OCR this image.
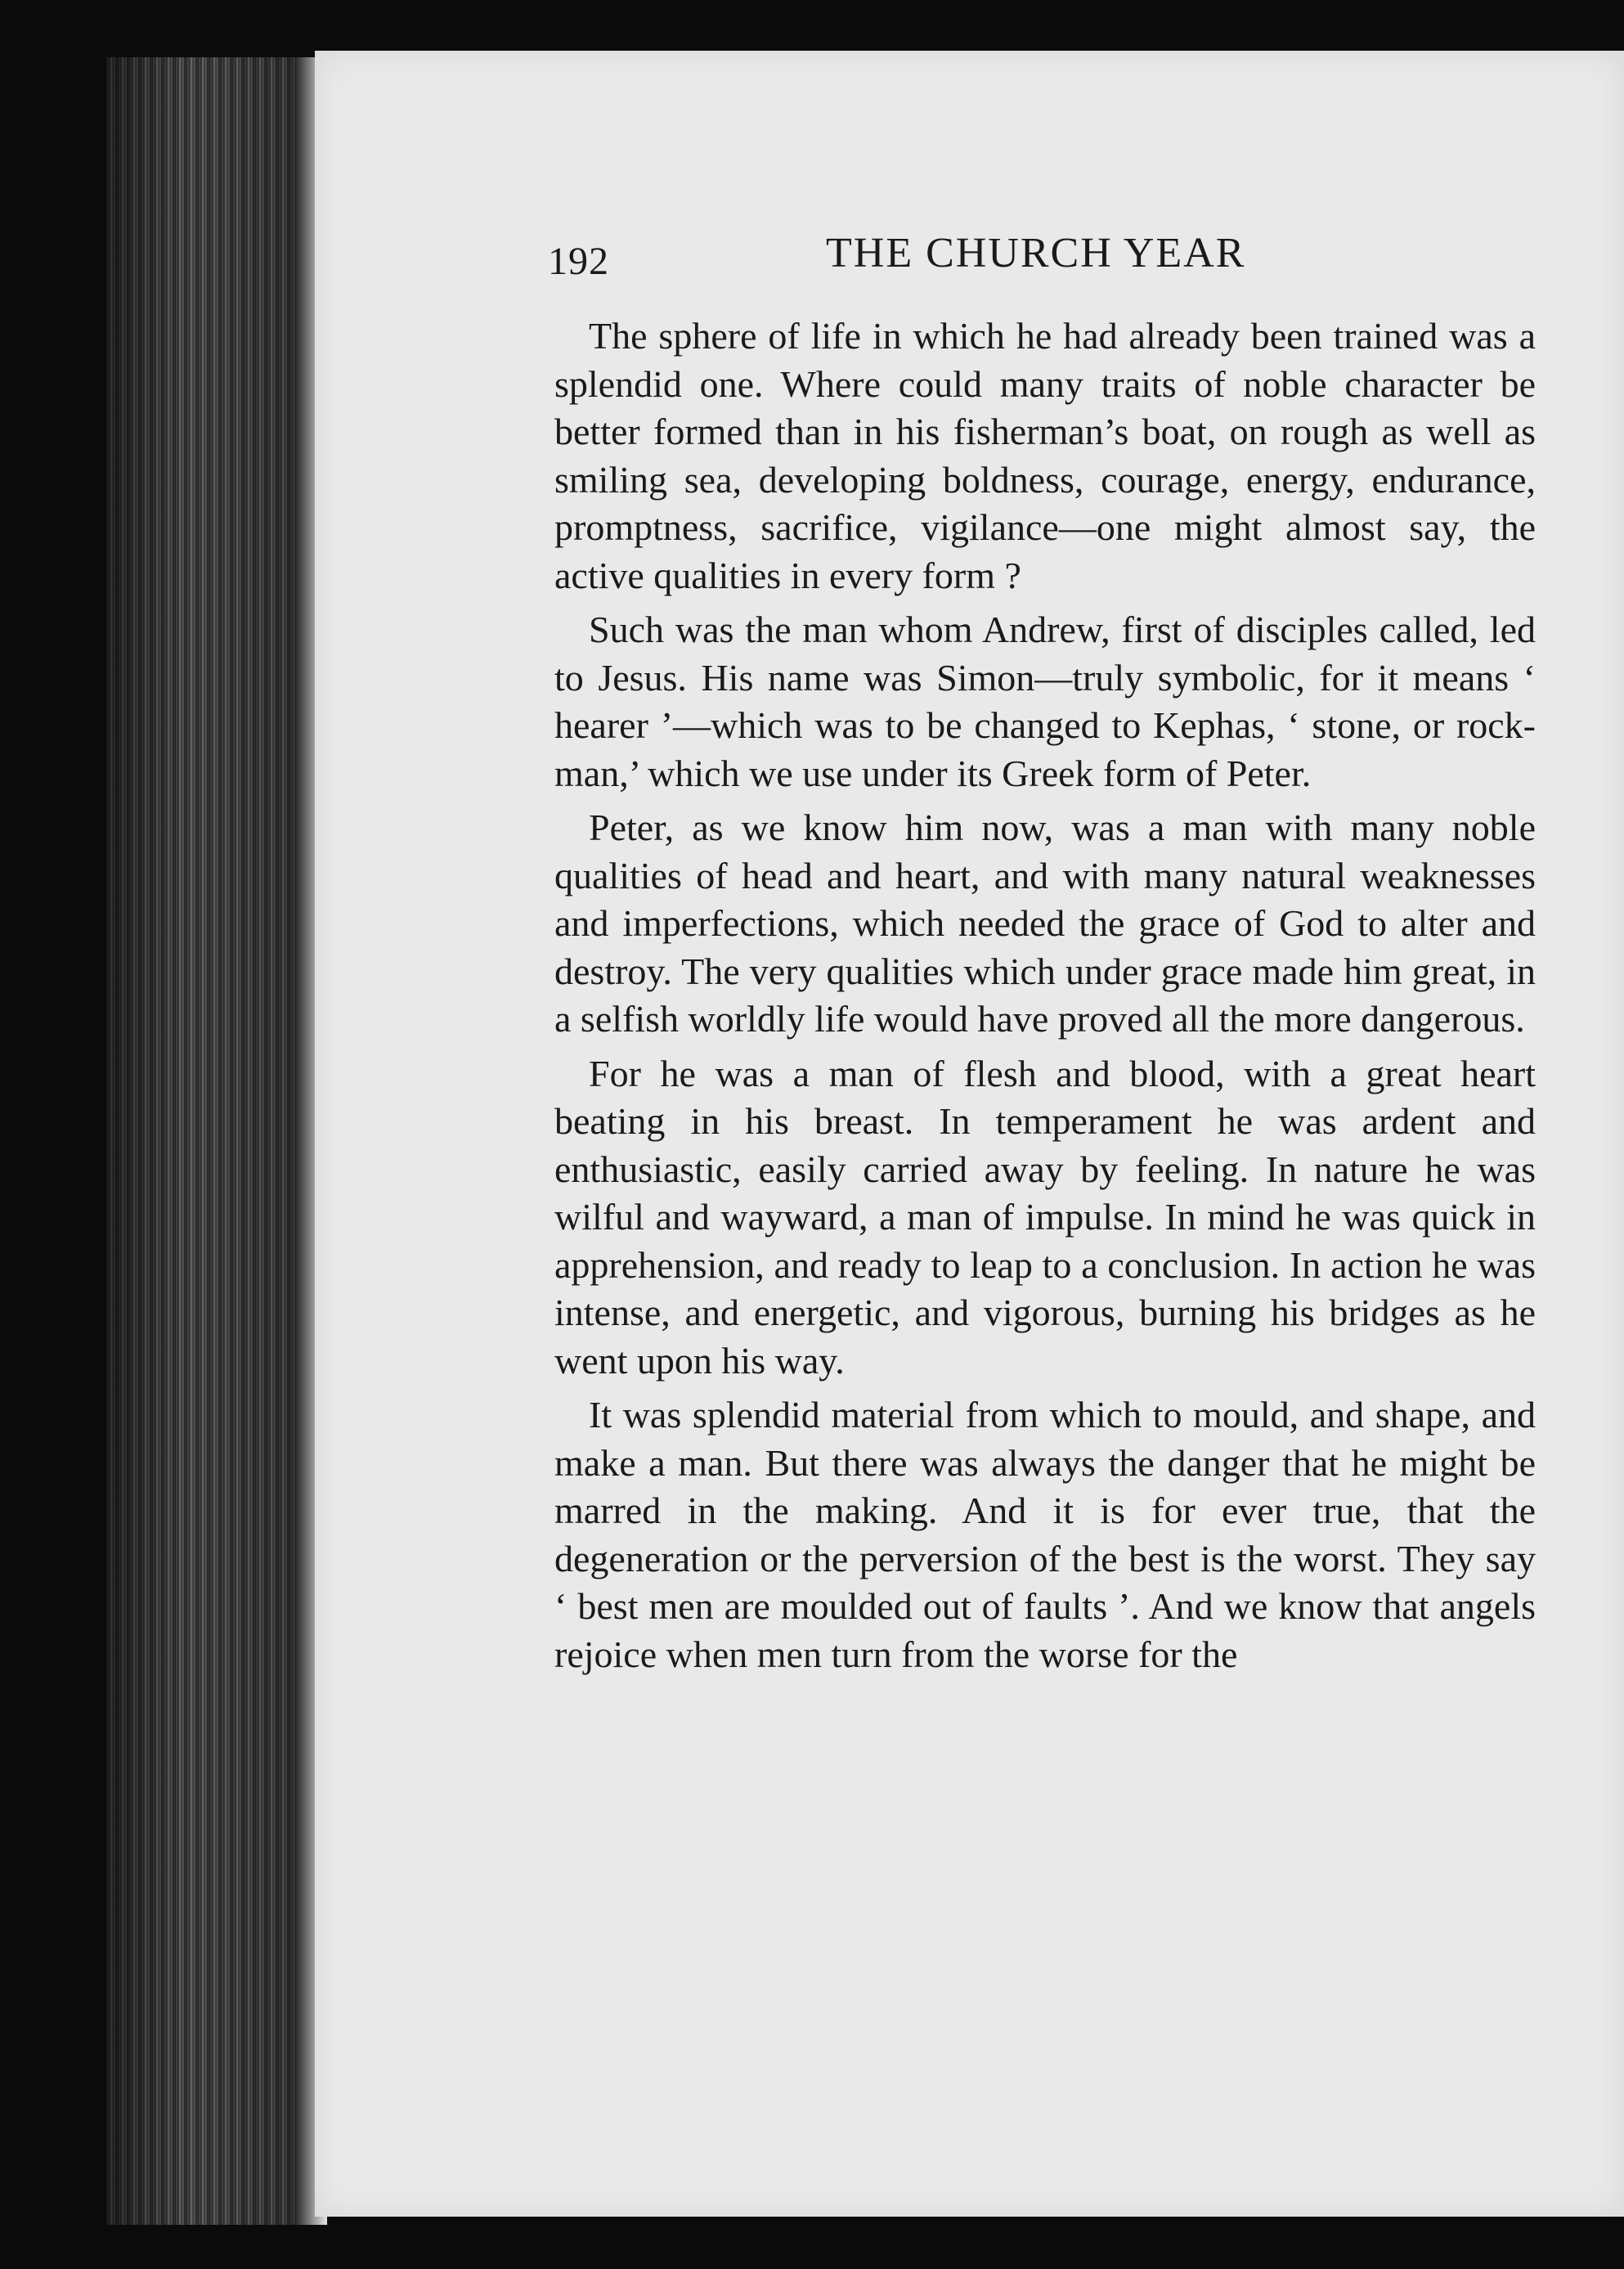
192	THE CHURCH YEAR

The sphere of life in which he had already been trained was a splendid one. Where could many traits of noble character be better formed than in his fisherman’s boat, on rough as well as smiling sea, developing boldness, courage, energy, endurance, promptness, sacrifice, vigilance—one might almost say, the active qualities in every form ?

Such was the man whom Andrew, first of disciples called, led to Jesus. His name was Simon—truly symbolic, for it means ‘ hearer ’—which was to be changed to Kephas, ‘ stone, or rock-man,’ which we use under its Greek form of Peter.

Peter, as we know him now, was a man with many noble qualities of head and heart, and with many natural weaknesses and imperfections, which needed the grace of God to alter and destroy. The very qualities which under grace made him great, in a selfish worldly life would have proved all the more dangerous.

For he was a man of flesh and blood, with a great heart beating in his breast. In temperament he was ardent and enthusiastic, easily carried away by feeling. In nature he was wilful and wayward, a man of impulse. In mind he was quick in apprehension, and ready to leap to a conclusion. In action he was intense, and energetic, and vigorous, burning his bridges as he went upon his way.

It was splendid material from which to mould, and shape, and make a man. But there was always the danger that he might be marred in the making. And it is for ever true, that the degeneration or the perversion of the best is the worst. They say ‘ best men are moulded out of faults ’. And we know that angels rejoice when men turn from the worse for the
